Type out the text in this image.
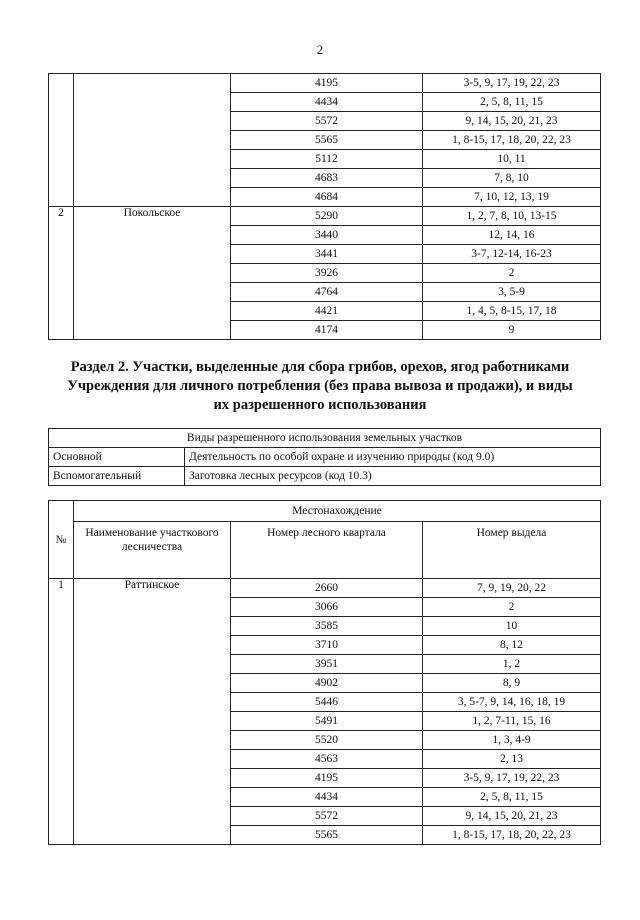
2
		4195	3-5, 9, 17, 19, 22, 23
		4434	2, 5, 8, 11, 15
		5572	9, 14, 15, 20, 21, 23
		5565	1, 8-15, 17, 18, 20, 22, 23
		5112	10, 11
		4683	7, 8, 10
		4684	7, 10, 12, 13, 19
2	Покольское	5290	1, 2, 7, 8, 10, 13-15
		3440	12, 14, 16
		3441	3-7, 12-14, 16-23
		3926	2
		4764	3, 5-9
		4421	1, 4, 5, 8-15, 17, 18
		4174	9
Раздел 2. Участки, выделенные для сбора грибов, орехов, ягод работниками Учреждения для личного потребления (без права вывоза и продажи), и виды их разрешенного использования
Виды разрешенного использования земельных участков	
Основной	Деятельность по особой охране и изучению природы (код 9.0)
Вспомогательный	Заготовка лесных ресурсов (код 10.3)
№	Местонахождение		
	Наименование участкового лесничества	Номер лесного квартала	Номер выдела
1	Раттинское	2660	7, 9, 19, 20, 22
		3066	2
		3585	10
		3710	8, 12
		3951	1, 2
		4902	8, 9
		5446	3, 5-7, 9, 14, 16, 18, 19
		5491	1, 2, 7-11, 15, 16
		5520	1, 3, 4-9
		4563	2, 13
		4195	3-5, 9, 17, 19, 22, 23
		4434	2, 5, 8, 11, 15
		5572	9, 14, 15, 20, 21, 23
		5565	1, 8-15, 17, 18, 20, 22, 23
